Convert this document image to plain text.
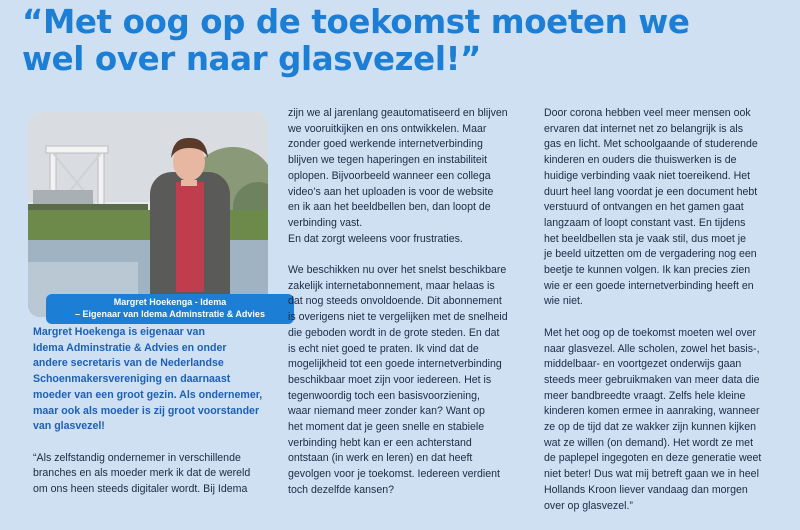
“Met oog op de toekomst moeten we
wel over naar glasvezel!”
Margret Hoekenga - Idema
– Eigenaar van Idema Adminstratie & Advies

Margret Hoekenga is eigenaar van
Idema Adminstratie & Advies en onder
andere secretaris van de Nederlandse
Schoenmakersvereniging en daarnaast
moeder van een groot gezin. Als ondernemer,
maar ook als moeder is zij groot voorstander
van glasvezel!

“Als zelfstandig ondernemer in verschillende
branches en als moeder merk ik dat de wereld
om ons heen steeds digitaler wordt. Bij Idema

zijn we al jarenlang geautomatiseerd en blijven
we vooruitkijken en ons ontwikkelen. Maar
zonder goed werkende internetverbinding
blijven we tegen haperingen en instabiliteit
oplopen. Bijvoorbeeld wanneer een collega
video’s aan het uploaden is voor de website
en ik aan het beeldbellen ben, dan loopt de
verbinding vast.
En dat zorgt weleens voor frustraties.

We beschikken nu over het snelst beschikbare
zakelijk internetabonnement, maar helaas is
dat nog steeds onvoldoende. Dit abonnement
is overigens niet te vergelijken met de snelheid
die geboden wordt in de grote steden. En dat
is echt niet goed te praten. Ik vind dat de
mogelijkheid tot een goede internetverbinding
beschikbaar moet zijn voor iedereen. Het is
tegenwoordig toch een basisvoorziening,
waar niemand meer zonder kan? Want op
het moment dat je geen snelle en stabiele
verbinding hebt kan er een achterstand
ontstaan (in werk en leren) en dat heeft
gevolgen voor je toekomst. Iedereen verdient
toch dezelfde kansen?

Door corona hebben veel meer mensen ook
ervaren dat internet net zo belangrijk is als
gas en licht. Met schoolgaande of studerende
kinderen en ouders die thuiswerken is de
huidige verbinding vaak niet toereikend. Het
duurt heel lang voordat je een document hebt
verstuurd of ontvangen en het gamen gaat
langzaam of loopt constant vast. En tijdens
het beeldbellen sta je vaak stil, dus moet je
je beeld uitzetten om de vergadering nog een
beetje te kunnen volgen. Ik kan precies zien
wie er een goede internetverbinding heeft en
wie niet.

Met het oog op de toekomst moeten wel over
naar glasvezel. Alle scholen, zowel het basis-,
middelbaar- en voortgezet onderwijs gaan
steeds meer gebruikmaken van meer data die
meer bandbreedte vraagt. Zelfs hele kleine
kinderen komen ermee in aanraking, wanneer
ze op de tijd dat ze wakker zijn kunnen kijken
wat ze willen (on demand). Het wordt ze met
de paplepel ingegoten en deze generatie weet
niet beter! Dus wat mij betreft gaan we in heel
Hollands Kroon liever vandaag dan morgen
over op glasvezel.”
